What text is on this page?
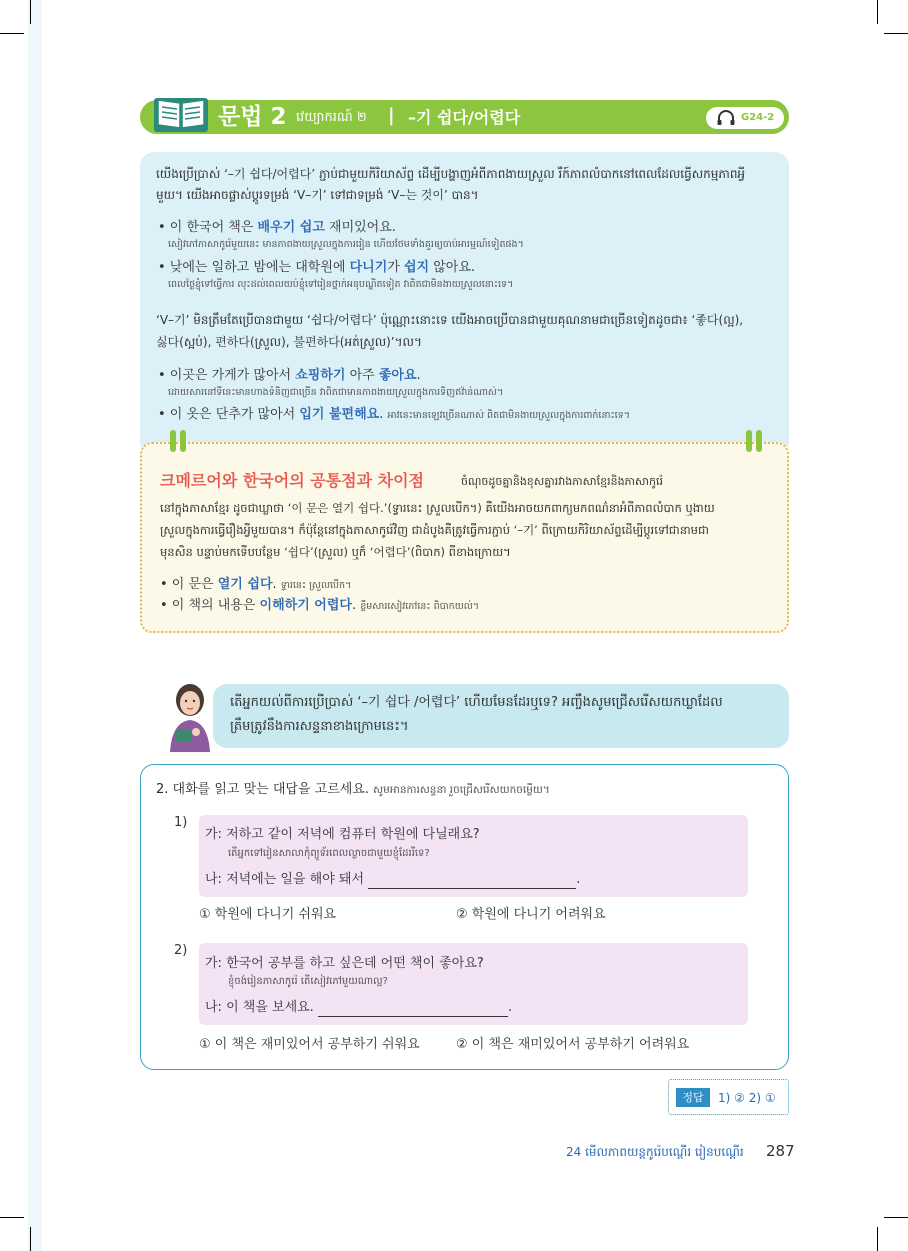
문법 2 វេយ្យាករណ៍ ២ | –기 쉽다/어렵다	G24-2
យើងប្រើប្រាស់ ‘–기 쉽다/어렵다’ ភ្ជាប់ជាមួយកិរិយាស័ព្ទ ដើម្បីបង្ហាញអំពីភាពងាយស្រួល រឺក៍ភាពលំបាកនៅពេលដែលធ្វើសកម្មភាពអ្វី
មួយ។ យើងអាចផ្លាស់ប្តូរទម្រង់ ‘V–기’ ទៅជាទម្រង់ ‘V–는 것이’ បាន។
• 이 한국어 책은 배우기 쉽고 재미있어요.
សៀវភៅភាសាកូរ៉េមួយនេះ មានភាពងាយស្រួលក្នុងការរៀន ហើយថែមទាំងគួរឲ្យចាប់អារម្មណ៍ទៀតផង។
• 낮에는 일하고 밤에는 대학원에 다니기가 쉽지 않아요.
ពេលថ្ងៃខ្ញុំទៅធ្វើការ លុះដល់ពេលយប់ខ្ញុំទៅរៀនថ្នាក់អនុបណ្ឌិតទៀត វាពិតជាមិនងាយស្រួលនោះទេ។
‘V–기’ មិនត្រឹមតែប្រើបានជាមួយ ‘쉽다/어렵다’ ប៉ុណ្ណោះនោះទេ យើងអាចប្រើបានជាមួយគុណនាមជាច្រើនទៀតដូចជា៖ ‘좋다(ល្អ),
싫다(ស្អប់), 편하다(ស្រួល), 불편하다(អត់ស្រួល)’។ល។
• 이곳은 가게가 많아서 쇼핑하기 아주 좋아요.
ដោយសារនៅទីនេះមានហាងទំនិញជាច្រើន វាពិតជាមានភាពងាយស្រួលក្នុងការទិញឥវ៉ាន់ណាស់។
• 이 옷은 단추가 많아서 입기 불편해요. អាវនេះមានឡេវច្រើនណាស់ ពិតជាមិនងាយស្រួលក្នុងការពាក់នោះទេ។
크메르어와 한국어의 공통점과 차이점	ចំណុចដូចគ្នានិងខុសគ្នារវាងភាសាខ្មែរនិងភាសាកូរ៉េ
នៅក្នុងភាសាខ្មែរ ដូចជាឃ្លាថា ‘이 문은 열기 쉽다.’(ទ្វារនេះ ស្រួលបើក។) គឺយើងអាចយកពាក្យមកពណ៌នាអំពីភាពលំបាក ឬងាយ
ស្រួលក្នុងការធ្វើរឿងអ្វីមួយបាន។ ក៏ប៉ុន្តែនៅក្នុងភាសាកូរ៉េវិញ ជាដំបូងគឺត្រូវធ្វើការភ្ជាប់ ‘–기’ ពីក្រោយកិរិយាស័ព្ទដើម្បីប្តូរទៅជានាមជា
មុនសិន បន្ទាប់មកទើបបន្ថែម ‘쉽다’(ស្រួល) ឬក៏ ‘어렵다’(ពិបាក) ពីខាងក្រោយ។
• 이 문은 열기 쉽다. ទ្វារនេះ ស្រួលបើក។
• 이 책의 내용은 이해하기 어렵다. ខ្លឹមសារសៀវភៅនេះ ពិបាកយល់។
តើអ្នកយល់ពីការប្រើប្រាស់ ‘–기 쉽다 /어렵다’ ហើយមែនដែរឬទេ? អញ្ចឹងសូមជ្រើសរើសយកឃ្លាដែល
ត្រឹមត្រូវនឹងការសន្ទនាខាងក្រោមនេះ។
2. 대화를 읽고 맞는 대답을 고르세요. សូមអានការសន្ទនា រួចជ្រើសរើសយកចម្លើយ។
1)
가: 저하고 같이 저녁에 컴퓨터 학원에 다닐래요?
តើអ្នកទៅរៀនសាលាកុំព្យូទ័រពេលល្ងាចជាមួយខ្ញុំដែររឺទេ?
나: 저녁에는 일을 해야 돼서	.
① 학원에 다니기 쉬워요	② 학원에 다니기 어려워요
2)
가: 한국어 공부를 하고 싶은데 어떤 책이 좋아요?
ខ្ញុំចង់រៀនភាសាកូរ៉េ តើសៀវភៅមួយណាល្អ?
나: 이 책을 보세요.	.
① 이 책은 재미있어서 공부하기 쉬워요	② 이 책은 재미있어서 공부하기 어려워요
정답	1) ② 2) ①
24 មើលភាពយន្តកូរ៉េបណ្ដើរ រៀនបណ្ដើរ 287
